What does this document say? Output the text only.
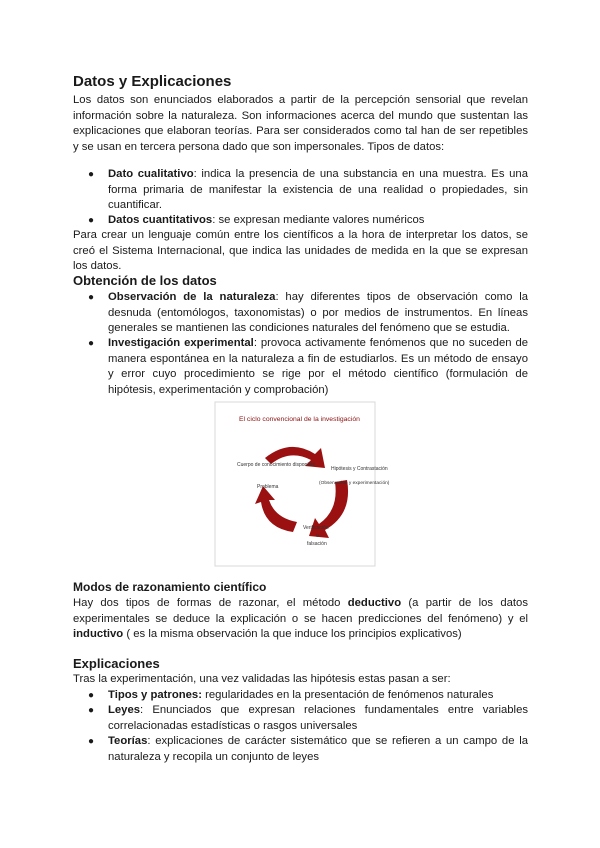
Datos y Explicaciones
Los datos son enunciados elaborados a partir de la percepción sensorial que revelan información sobre la naturaleza. Son informaciones acerca del mundo que sustentan las explicaciones que elaboran teorías. Para ser considerados como tal han de ser repetibles y se usan en tercera persona dado que son impersonales. Tipos de datos:
● Dato cualitativo: indica la presencia de una substancia en una muestra. Es una forma primaria de manifestar la existencia de una realidad o propiedades, sin cuantificar.
● Datos cuantitativos: se expresan mediante valores numéricos
Para crear un lenguaje común entre los científicos a la hora de interpretar los datos, se creó el Sistema Internacional, que indica las unidades de medida en la que se expresan los datos.
Obtención de los datos
● Observación de la naturaleza: hay diferentes tipos de observación como la desnuda (entomólogos, taxonomistas) o por medios de instrumentos. En líneas generales se mantienen las condiciones naturales del fenómeno que se estudia.
● Investigación experimental: provoca activamente fenómenos que no suceden de manera espontánea en la naturaleza a fin de estudiarlos. Es un método de ensayo y error cuyo procedimiento se rige por el método científico (formulación de hipótesis, experimentación y comprobación)
El ciclo convencional de la investigación
Cuerpo de conocimiento disponible
Problema
Hipótesis y Contrastación
(Observación y experimentación)
Verificación
o
falsación
Modos de razonamiento científico
Hay dos tipos de formas de razonar, el método deductivo (a partir de los datos experimentales se deduce la explicación o se hacen predicciones del fenómeno) y el inductivo ( es la misma observación la que induce los principios explicativos)
Explicaciones
Tras la experimentación, una vez validadas las hipótesis estas pasan a ser:
● Tipos y patrones: regularidades en la presentación de fenómenos naturales
● Leyes: Enunciados que expresan relaciones fundamentales entre variables correlacionadas estadísticas o rasgos universales
● Teorías: explicaciones de carácter sistemático que se refieren a un campo de la naturaleza y recopila un conjunto de leyes
